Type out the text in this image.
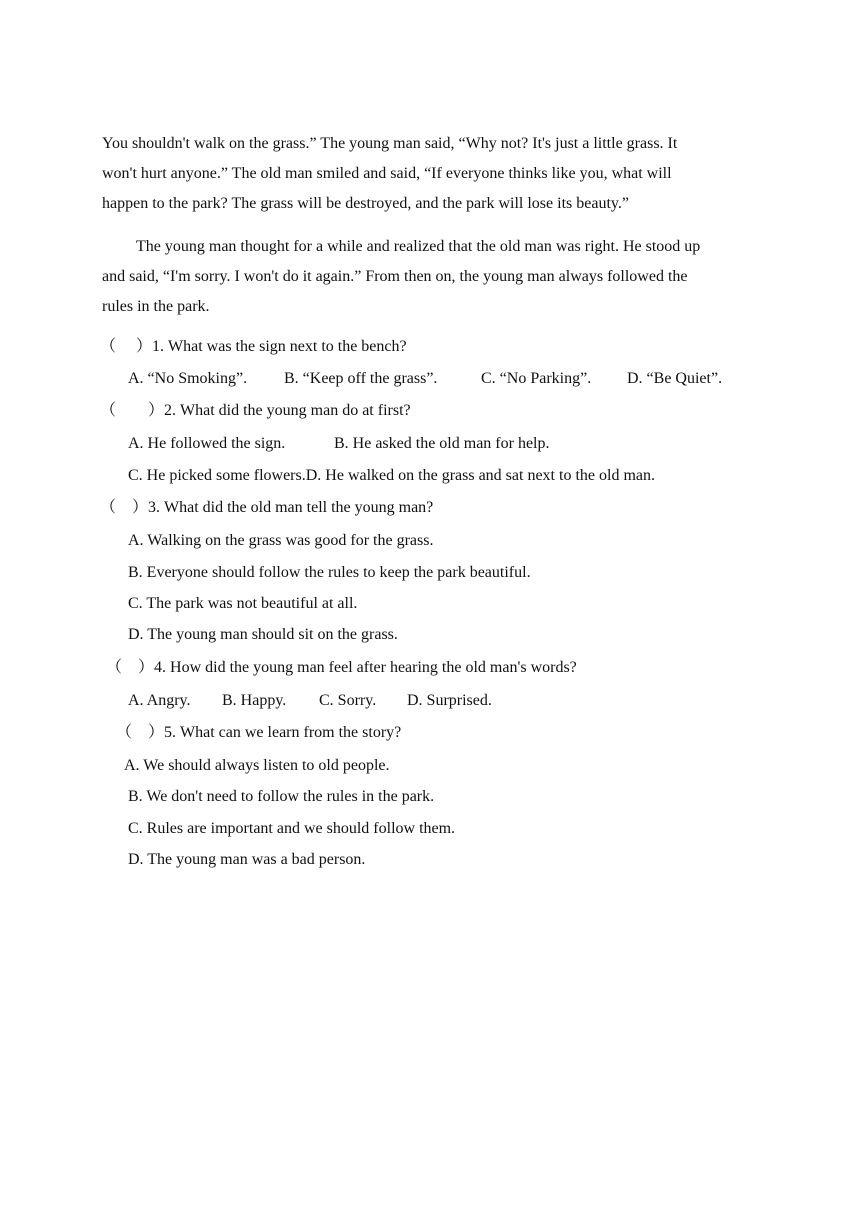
You shouldn't walk on the grass.” The young man said, “Why not? It's just a little grass. It
won't hurt anyone.” The old man smiled and said, “If everyone thinks like you, what will
happen to the park? The grass will be destroyed, and the park will lose its beauty.”
The young man thought for a while and realized that the old man was right. He stood up
and said, “I'm sorry. I won't do it again.” From then on, the young man always followed the
rules in the park.
（　 ）1. What was the sign next to the bench?
A. “No Smoking”. B. “Keep off the grass”.	C. “No Parking”. D. “Be Quiet”.
（　　）2. What did the young man do at first?
A. He followed the sign.	B. He asked the old man for help.
C. He picked some flowers.D. He walked on the grass and sat next to the old man.
（　）3. What did the old man tell the young man?
A. Walking on the grass was good for the grass.
B. Everyone should follow the rules to keep the park beautiful.
C. The park was not beautiful at all.
D. The young man should sit on the grass.
（　）4. How did the young man feel after hearing the old man's words?
A. Angry. B. Happy. C. Sorry. D. Surprised.
（　）5. What can we learn from the story?
A. We should always listen to old people.
B. We don't need to follow the rules in the park.
C. Rules are important and we should follow them.
D. The young man was a bad person.
